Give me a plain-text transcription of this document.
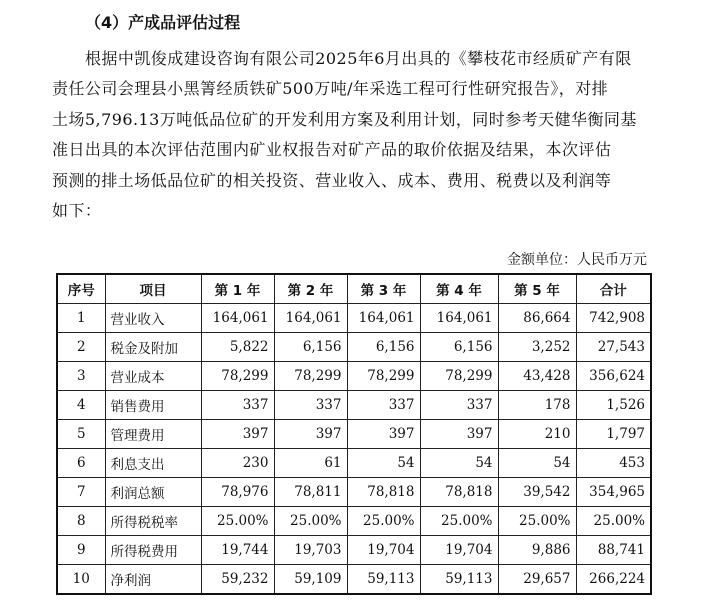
（4）产成品评估过程
根据中凯俊成建设咨询有限公司2025年6月出具的《攀枝花市经质矿产有限
责任公司会理县小黑箐经质铁矿500万吨/年采选工程可行性研究报告》，对排
土场5,796.13万吨低品位矿的开发利用方案及利用计划，同时参考天健华衡同基
准日出具的本次评估范围内矿业权报告对矿产品的取价依据及结果，本次评估
预测的排土场低品位矿的相关投资、营业收入、成本、费用、税费以及利润等
如下：
金额单位：人民币万元
序号	项目	第 1 年	第 2 年	第 3 年	第 4 年	第 5 年	合计
1	营业收入	164,061	164,061	164,061	164,061	86,664	742,908
2	税金及附加	5,822	6,156	6,156	6,156	3,252	27,543
3	营业成本	78,299	78,299	78,299	78,299	43,428	356,624
4	销售费用	337	337	337	337	178	1,526
5	管理费用	397	397	397	397	210	1,797
6	利息支出	230	61	54	54	54	453
7	利润总额	78,976	78,811	78,818	78,818	39,542	354,965
8	所得税税率	25.00%	25.00%	25.00%	25.00%	25.00%	25.00%
9	所得税费用	19,744	19,703	19,704	19,704	9,886	88,741
10	净利润	59,232	59,109	59,113	59,113	29,657	266,224
